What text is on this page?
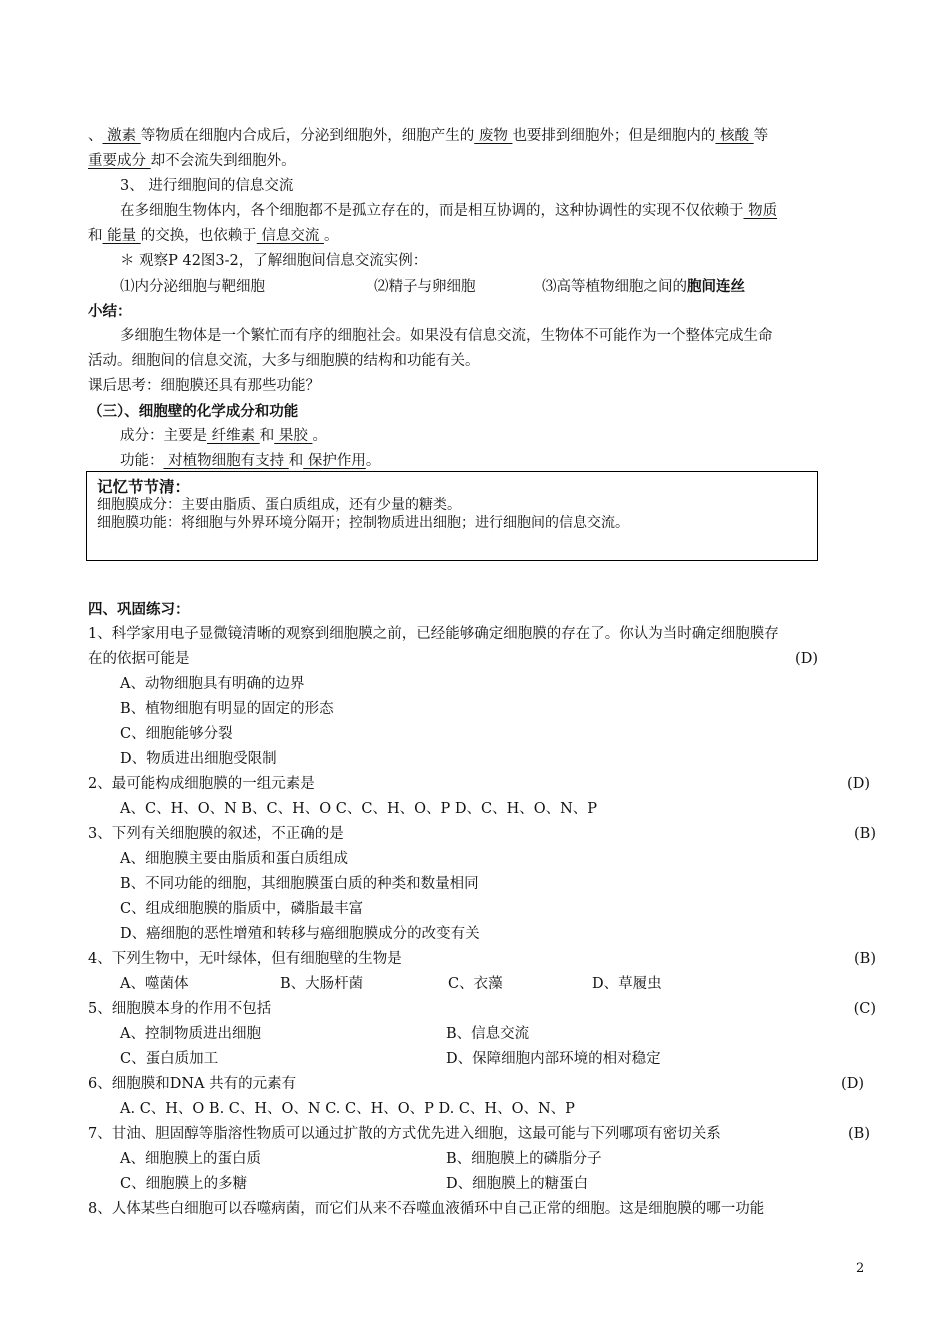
、 激素 等物质在细胞内合成后，分泌到细胞外，细胞产生的 废物 也要排到细胞外；但是细胞内的 核酸 等
重要成分 却不会流失到细胞外。
3、 进行细胞间的信息交流
在多细胞生物体内，各个细胞都不是孤立存在的，而是相互协调的，这种协调性的实现不仅依赖于 物质
和 能量 的交换，也依赖于 信息交流 。
＊ 观察P 42图3-2，了解细胞间信息交流实例：
⑴内分泌细胞与靶细胞	⑵精子与卵细胞	⑶高等植物细胞之间的胞间连丝
小结：
多细胞生物体是一个繁忙而有序的细胞社会。如果没有信息交流，生物体不可能作为一个整体完成生命
活动。细胞间的信息交流，大多与细胞膜的结构和功能有关。
课后思考：细胞膜还具有那些功能？
（三）、细胞壁的化学成分和功能
成分：主要是 纤维素 和 果胶 。
功能： 对植物细胞有支持 和 保护作用。
记忆节节清：
细胞膜成分：主要由脂质、蛋白质组成，还有少量的糖类。
细胞膜功能：将细胞与外界环境分隔开；控制物质进出细胞；进行细胞间的信息交流。
四、巩固练习：
1、科学家用电子显微镜清晰的观察到细胞膜之前，已经能够确定细胞膜的存在了。你认为当时确定细胞膜存
在的依据可能是	(D)
A、动物细胞具有明确的边界
B、植物细胞有明显的固定的形态
C、细胞能够分裂
D、物质进出细胞受限制
2、最可能构成细胞膜的一组元素是	(D)
A、C、H、O、N B、C、H、O C、C、H、O、P D、C、H、O、N、P
3、下列有关细胞膜的叙述，不正确的是	(B)
A、细胞膜主要由脂质和蛋白质组成
B、不同功能的细胞，其细胞膜蛋白质的种类和数量相同
C、组成细胞膜的脂质中，磷脂最丰富
D、癌细胞的恶性增殖和转移与癌细胞膜成分的改变有关
4、下列生物中，无叶绿体，但有细胞壁的生物是	(B)
A、噬菌体	B、大肠杆菌	C、衣藻	D、草履虫
5、细胞膜本身的作用不包括	(C)
A、控制物质进出细胞	B、信息交流
C、蛋白质加工	D、保障细胞内部环境的相对稳定
6、细胞膜和DNA 共有的元素有	(D)
A. C、H、O B. C、H、O、N C. C、H、O、P D. C、H、O、N、P
7、甘油、胆固醇等脂溶性物质可以通过扩散的方式优先进入细胞，这最可能与下列哪项有密切关系	(B)
A、细胞膜上的蛋白质	B、细胞膜上的磷脂分子
C、细胞膜上的多糖	D、细胞膜上的糖蛋白
8、人体某些白细胞可以吞噬病菌，而它们从来不吞噬血液循环中自己正常的细胞。这是细胞膜的哪一功能
2
